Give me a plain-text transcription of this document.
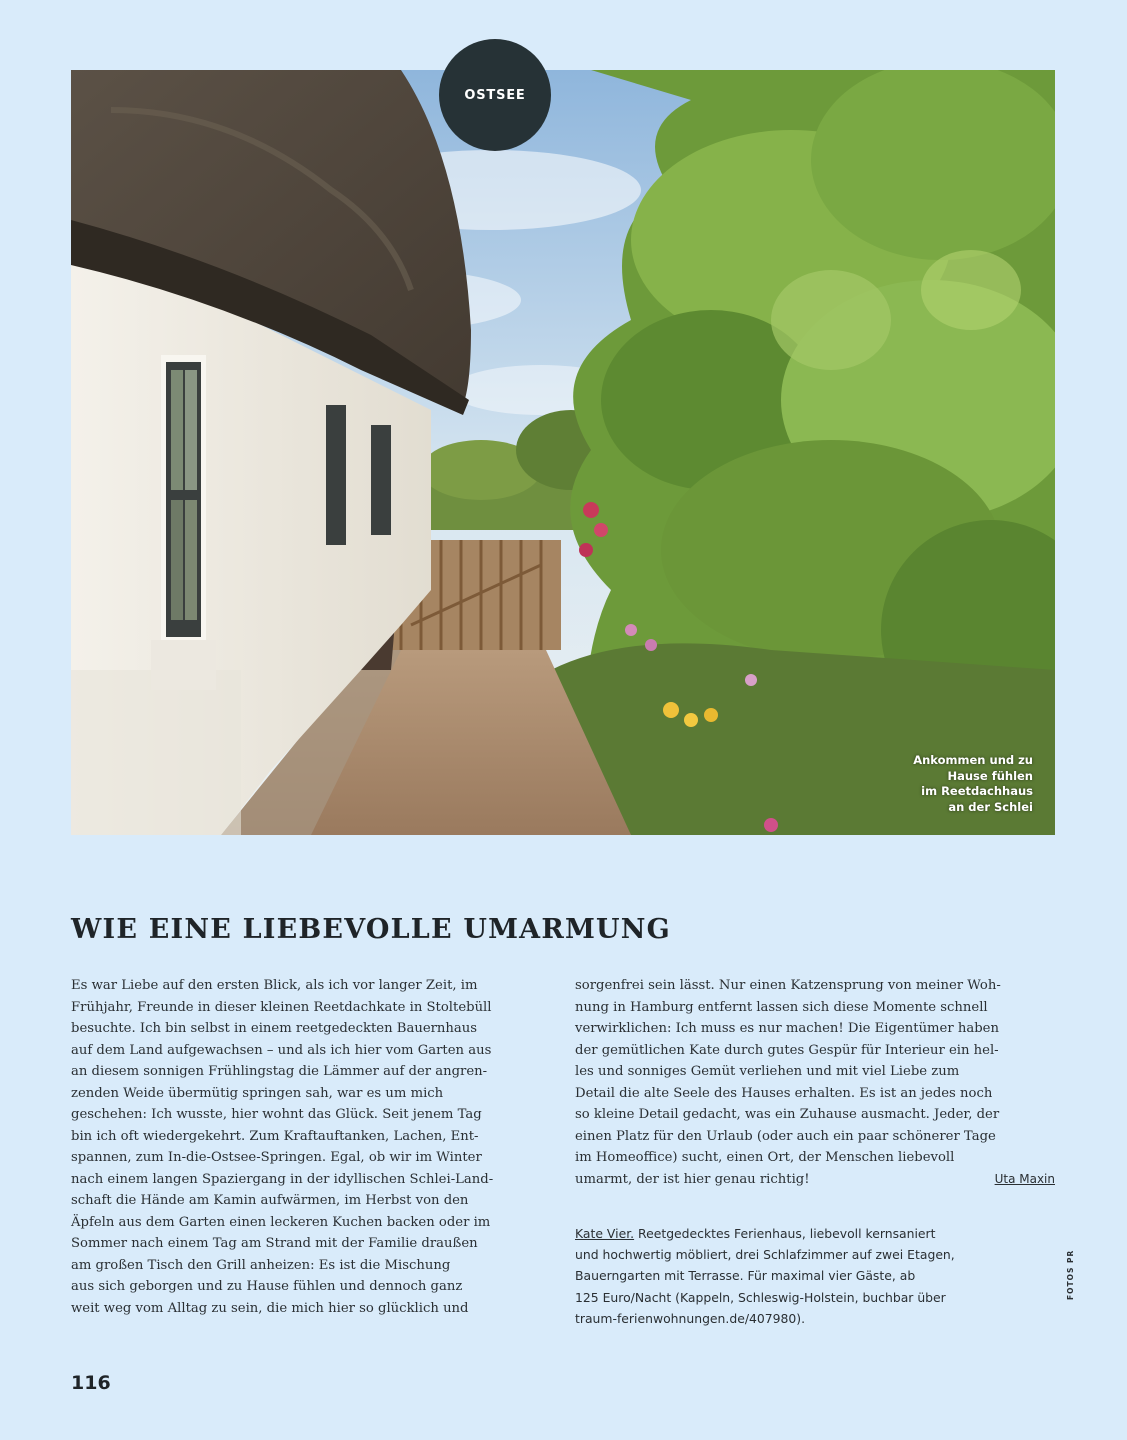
Ankommen und zu
Hause fühlen
im Reetdachhaus
an der Schlei
OSTSEE
WIE EINE LIEBEVOLLE UMARMUNG
Es war Liebe auf den ersten Blick, als ich vor langer Zeit, im
Frühjahr, Freunde in dieser kleinen Reetdachkate in Stoltebüll
besuchte. Ich bin selbst in einem reetgedeckten Bauernhaus
auf dem Land aufgewachsen – und als ich hier vom Garten aus
an diesem sonnigen Frühlingstag die Lämmer auf der angren-
zenden Weide übermütig springen sah, war es um mich
geschehen: Ich wusste, hier wohnt das Glück. Seit jenem Tag
bin ich oft wiedergekehrt. Zum Kraftauftanken, Lachen, Ent-
spannen, zum In-die-Ostsee-Springen. Egal, ob wir im Winter
nach einem langen Spaziergang in der idyllischen Schlei-Land-
schaft die Hände am Kamin aufwärmen, im Herbst von den
Äpfeln aus dem Garten einen leckeren Kuchen backen oder im
Sommer nach einem Tag am Strand mit der Familie draußen
am großen Tisch den Grill anheizen: Es ist die Mischung
aus sich geborgen und zu Hause fühlen und dennoch ganz
weit weg vom Alltag zu sein, die mich hier so glücklich und
sorgenfrei sein lässt. Nur einen Katzensprung von meiner Woh-
nung in Hamburg entfernt lassen sich diese Momente schnell
verwirklichen: Ich muss es nur machen! Die Eigentümer haben
der gemütlichen Kate durch gutes Gespür für Interieur ein hel-
les und sonniges Gemüt verliehen und mit viel Liebe zum
Detail die alte Seele des Hauses erhalten. Es ist an jedes noch
so kleine Detail gedacht, was ein Zuhause ausmacht. Jeder, der
einen Platz für den Urlaub (oder auch ein paar schönerer Tage
im Homeoffice) sucht, einen Ort, der Menschen liebevoll
umarmt, der ist hier genau richtig!	Uta Maxin
Kate Vier. Reetgedecktes Ferienhaus, liebevoll kernsaniert
und hochwertig möbliert, drei Schlafzimmer auf zwei Etagen,
Bauerngarten mit Terrasse. Für maximal vier Gäste, ab
125 Euro/Nacht (Kappeln, Schleswig-Holstein, buchbar über
traum-ferienwohnungen.de/407980).
FOTOS PR
116
